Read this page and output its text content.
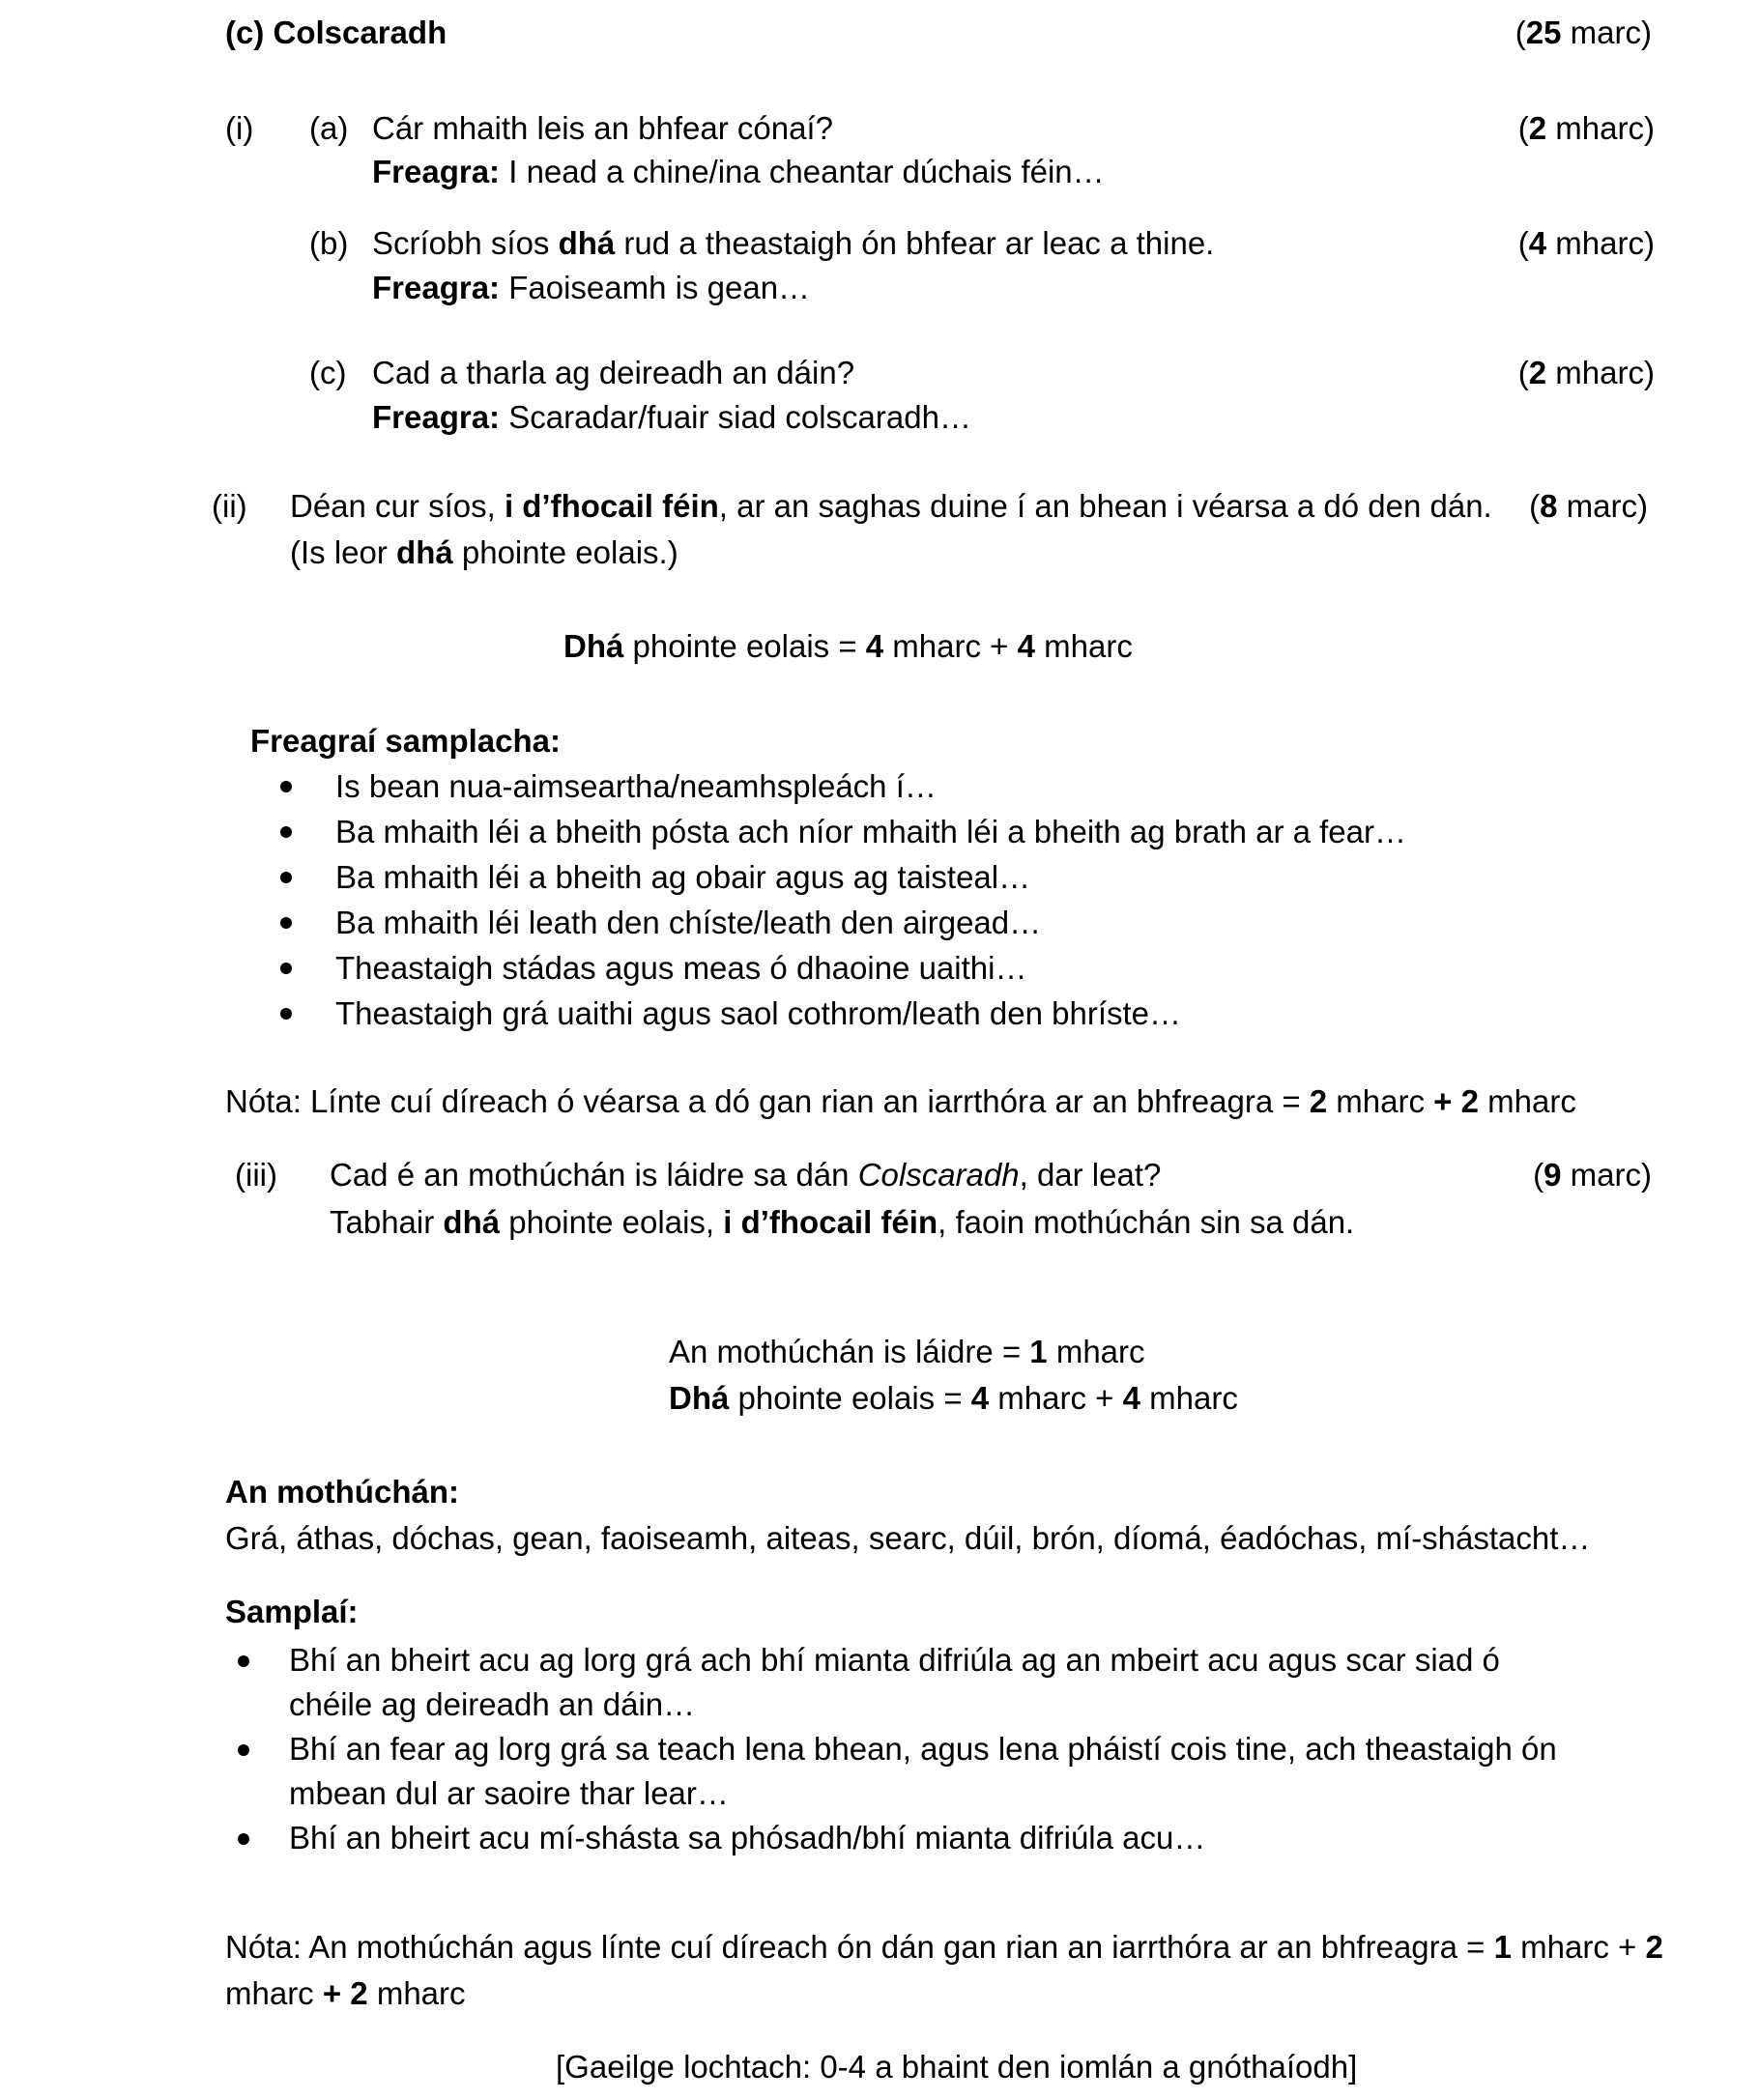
(c) Colscaradh	(25 marc)
(i) (a) Cár mhaith leis an bhfear cónaí?	(2 mharc)
Freagra: I nead a chine/ina cheantar dúchais féin…
(b) Scríobh síos dhá rud a theastaigh ón bhfear ar leac a thine.	(4 mharc)
Freagra: Faoiseamh is gean…
(c) Cad a tharla ag deireadh an dáin?	(2 mharc)
Freagra: Scaradar/fuair siad colscaradh…
(ii) Déan cur síos, i d’fhocail féin, ar an saghas duine í an bhean i véarsa a dó den dán. (8 marc)
(Is leor dhá phointe eolais.)
Dhá phointe eolais = 4 mharc + 4 mharc
Freagraí samplacha:
Is bean nua-aimseartha/neamhspleách í…
Ba mhaith léi a bheith pósta ach níor mhaith léi a bheith ag brath ar a fear…
Ba mhaith léi a bheith ag obair agus ag taisteal…
Ba mhaith léi leath den chíste/leath den airgead…
Theastaigh stádas agus meas ó dhaoine uaithi…
Theastaigh grá uaithi agus saol cothrom/leath den bhríste…
Nóta: Línte cuí díreach ó véarsa a dó gan rian an iarrthóra ar an bhfreagra = 2 mharc + 2 mharc
(iii) Cad é an mothúchán is láidre sa dán Colscaradh, dar leat?	(9 marc)
Tabhair dhá phointe eolais, i d’fhocail féin, faoin mothúchán sin sa dán.
An mothúchán is láidre = 1 mharc
Dhá phointe eolais = 4 mharc + 4 mharc
An mothúchán:
Grá, áthas, dóchas, gean, faoiseamh, aiteas, searc, dúil, brón, díomá, éadóchas, mí-shástacht…
Samplaí:
Bhí an bheirt acu ag lorg grá ach bhí mianta difriúla ag an mbeirt acu agus scar siad ó
chéile ag deireadh an dáin…
Bhí an fear ag lorg grá sa teach lena bhean, agus lena pháistí cois tine, ach theastaigh ón
mbean dul ar saoire thar lear…
Bhí an bheirt acu mí-shásta sa phósadh/bhí mianta difriúla acu…
Nóta: An mothúchán agus línte cuí díreach ón dán gan rian an iarrthóra ar an bhfreagra = 1 mharc + 2
mharc + 2 mharc
[Gaeilge lochtach: 0-4 a bhaint den iomlán a gnóthaíodh]
